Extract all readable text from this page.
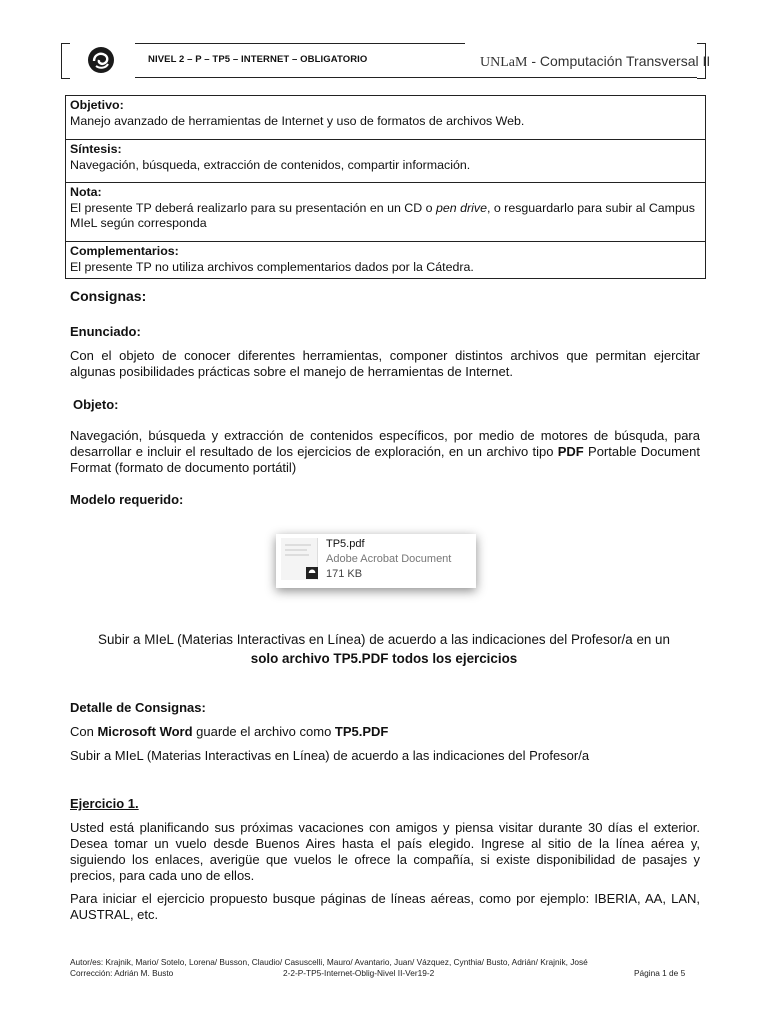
NIVEL 2 – P – TP5 – INTERNET – OBLIGATORIO	UNLaM - Computación Transversal II
Objetivo:
Manejo avanzado de herramientas de Internet y uso de formatos de archivos Web.
Síntesis:
Navegación, búsqueda, extracción de contenidos, compartir información.
Nota:
El presente TP deberá realizarlo para su presentación en un CD o pen drive, o resguardarlo para subir al Campus MIeL según corresponda
Complementarios:
El presente TP no utiliza archivos complementarios dados por la Cátedra.
Consignas:
Enunciado:
Con el objeto de conocer diferentes herramientas, componer distintos archivos que permitan ejercitar algunas posibilidades prácticas sobre el manejo de herramientas de Internet.
Objeto:
Navegación, búsqueda y extracción de contenidos específicos, por medio de motores de búsquda, para desarrollar e incluir el resultado de los ejercicios de exploración, en un archivo tipo PDF Portable Document Format (formato de documento portátil)
Modelo requerido:
⯊
TP5.pdf
Adobe Acrobat Document
171 KB
Subir a MIeL (Materias Interactivas en Línea) de acuerdo a las indicaciones del Profesor/a en un
solo archivo TP5.PDF todos los ejercicios
Detalle de Consignas:
Con Microsoft Word guarde el archivo como TP5.PDF
Subir a MIeL (Materias Interactivas en Línea) de acuerdo a las indicaciones del Profesor/a
Ejercicio 1.
Usted está planificando sus próximas vacaciones con amigos y piensa visitar durante 30 días el exterior. Desea tomar un vuelo desde Buenos Aires hasta el país elegido. Ingrese al sitio de la línea aérea y, siguiendo los enlaces, averigüe que vuelos le ofrece la compañía, si existe disponibilidad de pasajes y precios, para cada uno de ellos.
Para iniciar el ejercicio propuesto busque páginas de líneas aéreas, como por ejemplo: IBERIA, AA, LAN, AUSTRAL, etc.
Autor/es: Krajnik, Mario/ Sotelo, Lorena/ Busson, Claudio/ Casuscelli, Mauro/ Avantario, Juan/ Vázquez, Cynthia/ Busto, Adrián/ Krajnik, José
Corrección: Adrián M. Busto	2-2-P-TP5-Internet-Oblig-Nivel II-Ver19-2	Página 1 de 5
